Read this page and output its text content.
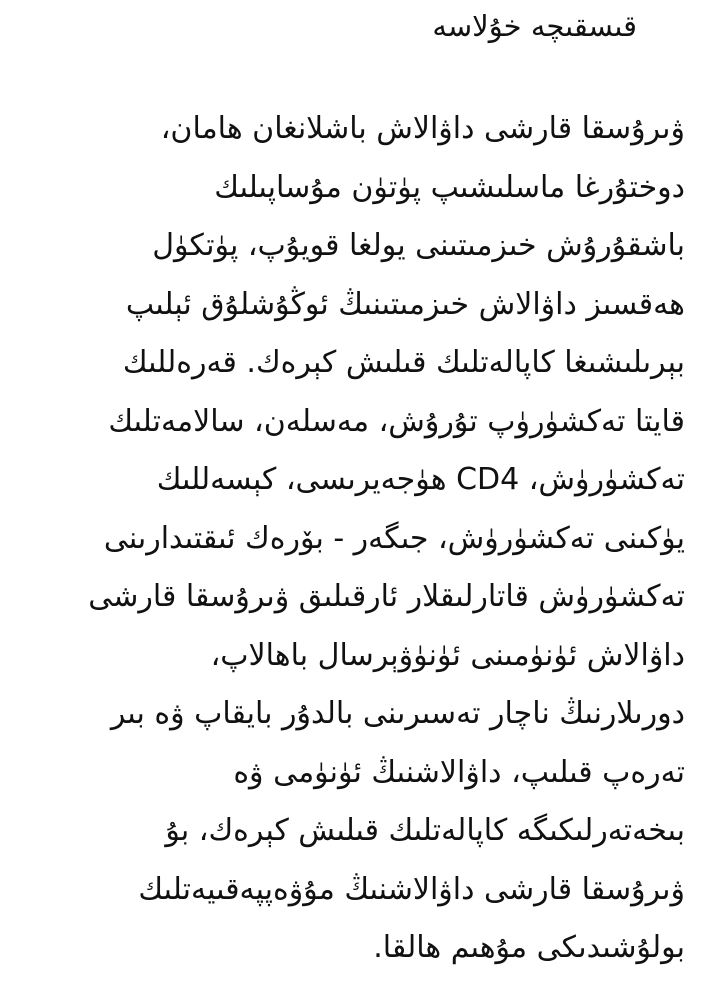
قىسقىچە خۇلاسە
ۋىرۇسقا قارشى داۋالاش باشلانغان ھامان،
دوختۇرغا ماسلىشىپ پۈتۈن مۇساپىلىك
باشقۇرۇش خىزمىتىنى يولغا قويۇپ، پۈتكۈل
ھەقسىز داۋالاش خىزمىتىنىڭ ئوڭۇشلۇق ئېلىپ
بېرىلىشىغا كاپالەتلىك قىلىش كېرەك. قەرەللىك
قايتا تەكشۈرۈپ تۇرۇش، مەسلەن، سالامەتلىك
تەكشۈرۈش، CD4 ھۈجەيرىسى، كېسەللىك
يۈكىنى تەكشۈرۈش، جىگەر - بۆرەك ئىقتىدارىنى
تەكشۈرۈش قاتارلىقلار ئارقىلىق ۋىرۇسقا قارشى
داۋالاش ئۈنۈمىنى ئۈنۈۋېرسال باھالاپ،
دورىلارنىڭ ناچار تەسىرىنى بالدۇر بايقاپ ۋە بىر
تەرەپ قىلىپ، داۋالاشنىڭ ئۈنۈمى ۋە
بىخەتەرلىكىگە كاپالەتلىك قىلىش كېرەك، بۇ
ۋىرۇسقا قارشى داۋالاشنىڭ مۇۋەپپەقىيەتلىك
بولۇشىدىكى مۇھىم ھالقا.
